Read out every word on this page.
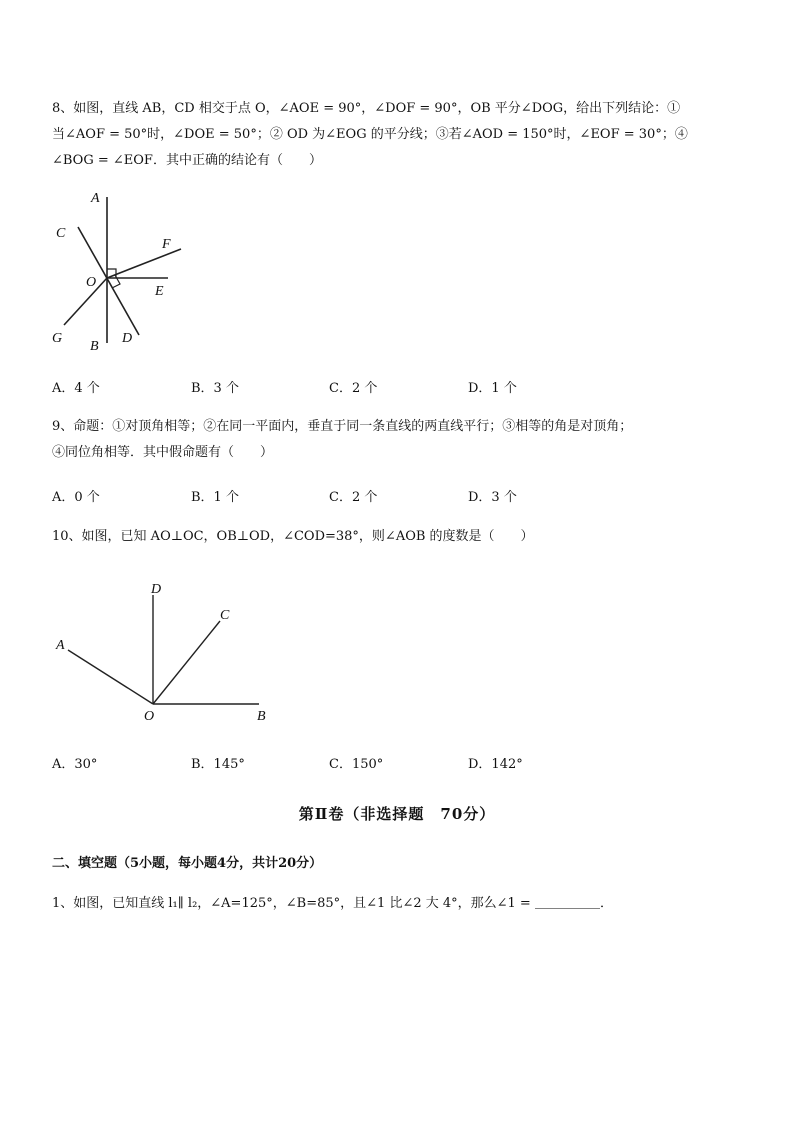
8、如图，直线 AB，CD 相交于点 O，∠AOE = 90°，∠DOF = 90°，OB 平分∠DOG，给出下列结论：①
当∠AOF = 50°时，∠DOE = 50°；② OD 为∠EOG 的平分线；③若∠AOD = 150°时，∠EOF = 30°；④
∠BOG = ∠EOF．其中正确的结论有（　　）
A
C
F
O
E
G
B
D
A．4 个	B．3 个	C．2 个	D．1 个
9、命题：①对顶角相等；②在同一平面内，垂直于同一条直线的两直线平行；③相等的角是对顶角；
④同位角相等．其中假命题有（　　）
A．0 个	B．1 个	C．2 个	D．3 个
10、如图，已知 AO⊥OC，OB⊥OD，∠COD=38°，则∠AOB 的度数是（　　）
D
C
A
O	B
A．30°	B．145°	C．150°	D．142°
第Ⅱ卷（非选择题　70分）
二、填空题（5小题，每小题4分，共计20分）
1、如图，已知直线 l₁∥ l₂，∠A=125°，∠B=85°，且∠1 比∠2 大 4°，那么∠1 = ＿＿＿＿＿．
